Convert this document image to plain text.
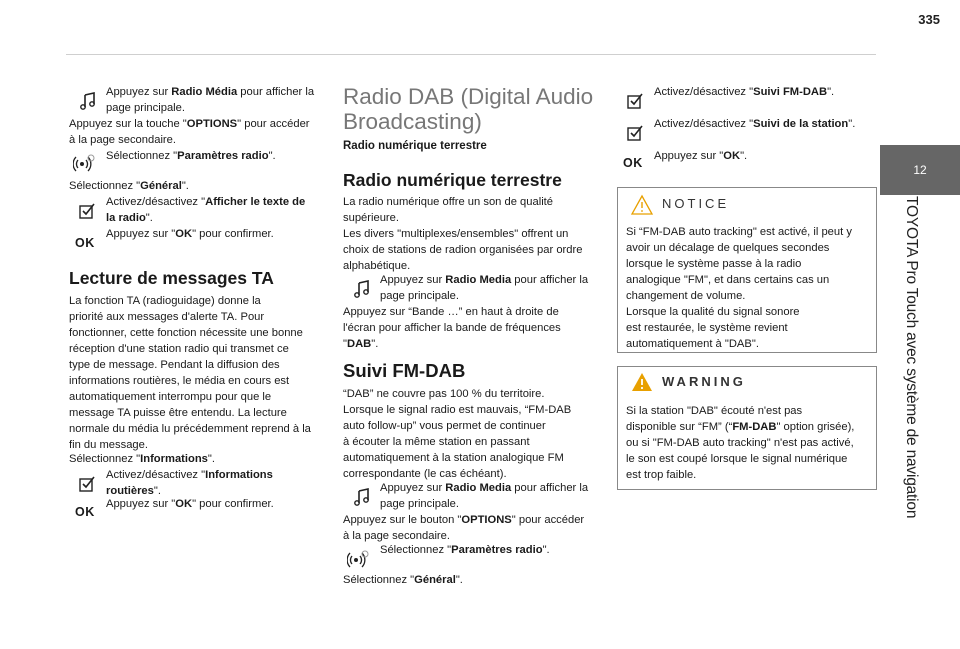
335
12
TOYOTA Pro Touch avec système de navigation
Appuyez sur Radio Média pour afficher la
page principale.
Appuyez sur la touche "OPTIONS" pour accéder
à la page secondaire.
Sélectionnez "Paramètres radio".
Sélectionnez "Général".
Activez/désactivez "Afficher le texte de
la radio".
OK
Appuyez sur "OK" pour confirmer.
Lecture de messages TA
La fonction TA (radioguidage) donne la
priorité aux messages d'alerte TA. Pour
fonctionner, cette fonction nécessite une bonne
réception d'une station radio qui transmet ce
type de message. Pendant la diffusion des
informations routières, le média en cours est
automatiquement interrompu pour que le
message TA puisse être entendu. La lecture
normale du média lu précédemment reprend à la
fin du message.
Sélectionnez "Informations".
Activez/désactivez "Informations
routières".
OK
Appuyez sur "OK" pour confirmer.
Radio DAB (Digital Audio
Broadcasting)
Radio numérique terrestre
Radio numérique terrestre
La radio numérique offre un son de qualité
supérieure.
Les divers "multiplexes/ensembles" offrent un
choix de stations de radion organisées par ordre
alphabétique.
Appuyez sur Radio Media pour afficher la
page principale.
Appuyez sur “Bande …” en haut à droite de
l'écran pour afficher la bande de fréquences
"DAB".
Suivi FM-DAB
“DAB” ne couvre pas 100 % du territoire.
Lorsque le signal radio est mauvais, “FM-DAB
auto follow-up” vous permet de continuer
à écouter la même station en passant
automatiquement à la station analogique FM
correspondante (le cas échéant).
Appuyez sur Radio Media pour afficher la
page principale.
Appuyez sur le bouton "OPTIONS" pour accéder
à la page secondaire.
Sélectionnez "Paramètres radio".
Sélectionnez "Général".
Activez/désactivez "Suivi FM-DAB".
Activez/désactivez "Suivi de la station".
OK Appuyez sur "OK".
NOTICE
Si “FM-DAB auto tracking" est activé, il peut y
avoir un décalage de quelques secondes
lorsque le système passe à la radio
analogique "FM", et dans certains cas un
changement de volume.
Lorsque la qualité du signal sonore
est restaurée, le système revient
automatiquement à "DAB".
WARNING
Si la station "DAB" écouté n'est pas
disponible sur “FM” (“FM-DAB" option grisée),
ou si "FM-DAB auto tracking" n'est pas activé,
le son est coupé lorsque le signal numérique
est trop faible.
